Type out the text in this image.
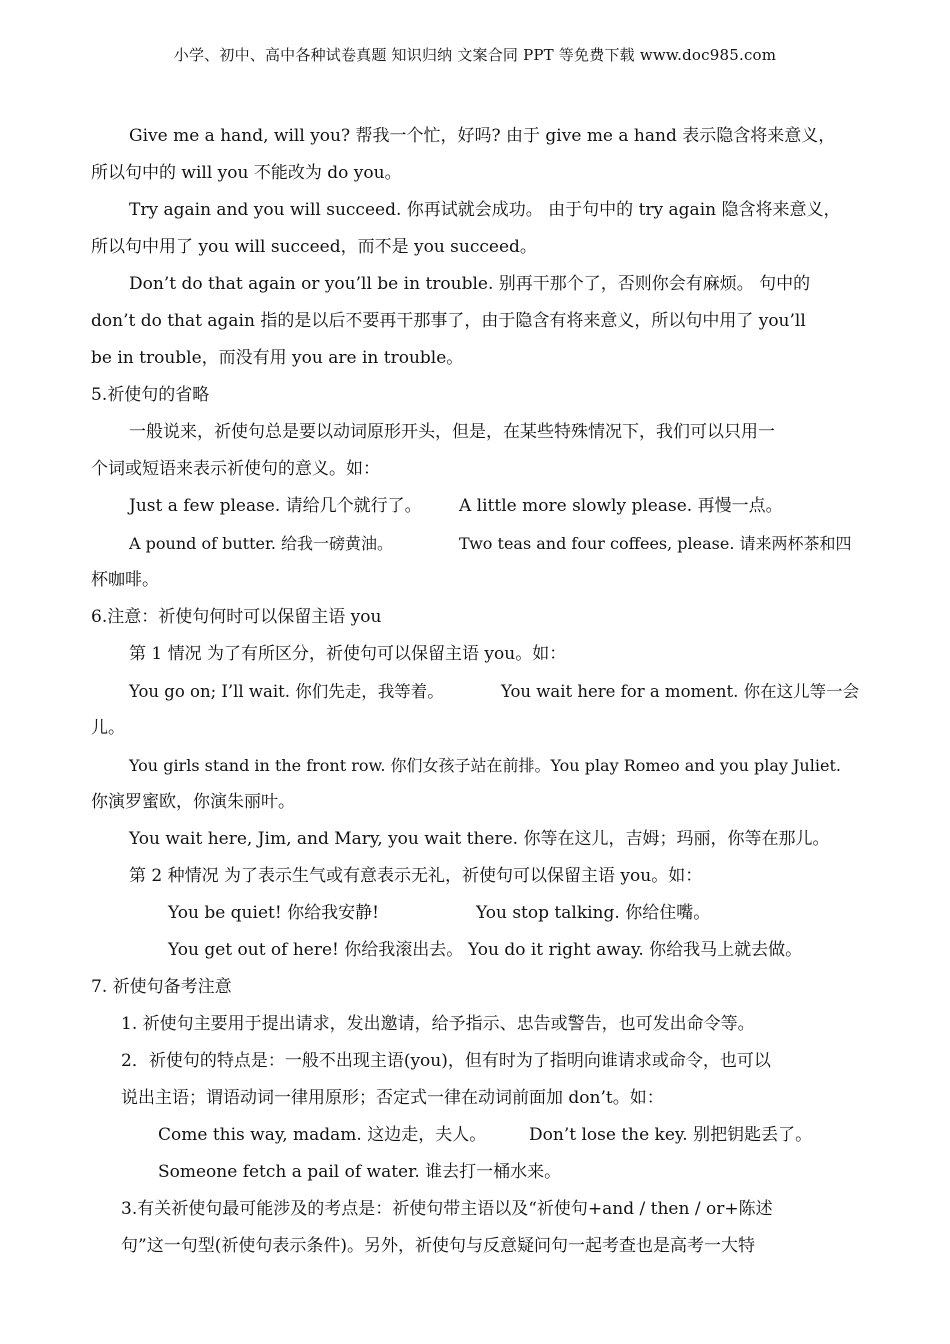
小学、初中、高中各种试卷真题 知识归纳 文案合同 PPT 等免费下载 www.doc985.com
Give me a hand, will you? 帮我一个忙，好吗? 由于 give me a hand 表示隐含将来意义，
所以句中的 will you 不能改为 do you。
Try again and you will succeed. 你再试就会成功。 由于句中的 try again 隐含将来意义，
所以句中用了 you will succeed，而不是 you succeed。
Don’t do that again or you’ll be in trouble. 别再干那个了，否则你会有麻烦。 句中的
don’t do that again 指的是以后不要再干那事了，由于隐含有将来意义，所以句中用了 you’ll
be in trouble，而没有用 you are in trouble。
5.祈使句的省略
一般说来，祈使句总是要以动词原形开头，但是，在某些特殊情况下，我们可以只用一
个词或短语来表示祈使句的意义。如：
Just a few please. 请给几个就行了。 A little more slowly please. 再慢一点。
A pound of butter. 给我一磅黄油。	Two teas and four coffees, please. 请来两杯茶和四
杯咖啡。
6.注意：祈使句何时可以保留主语 you
第 1 情况 为了有所区分，祈使句可以保留主语 you。如：
You go on; I’ll wait. 你们先走，我等着。	You wait here for a moment. 你在这儿等一会
儿。
You girls stand in the front row. 你们女孩子站在前排。You play Romeo and you play Juliet.
你演罗蜜欧，你演朱丽叶。
You wait here, Jim, and Mary, you wait there. 你等在这儿，吉姆；玛丽，你等在那儿。
第 2 种情况 为了表示生气或有意表示无礼，祈使句可以保留主语 you。如：
You be quiet! 你给我安静!	You stop talking. 你给住嘴。
You get out of here! 你给我滚出去。 You do it right away. 你给我马上就去做。
7. 祈使句备考注意
1. 祈使句主要用于提出请求，发出邀请，给予指示、忠告或警告，也可发出命令等。
2．祈使句的特点是：一般不出现主语(you)，但有时为了指明向谁请求或命令，也可以
说出主语；谓语动词一律用原形；否定式一律在动词前面加 don’t。如：
Come this way, madam. 这边走，夫人。	Don’t lose the key. 别把钥匙丢了。
Someone fetch a pail of water. 谁去打一桶水来。
3.有关祈使句最可能涉及的考点是：祈使句带主语以及“祈使句+and / then / or+陈述
句”这一句型(祈使句表示条件)。另外，祈使句与反意疑问句一起考查也是高考一大特
